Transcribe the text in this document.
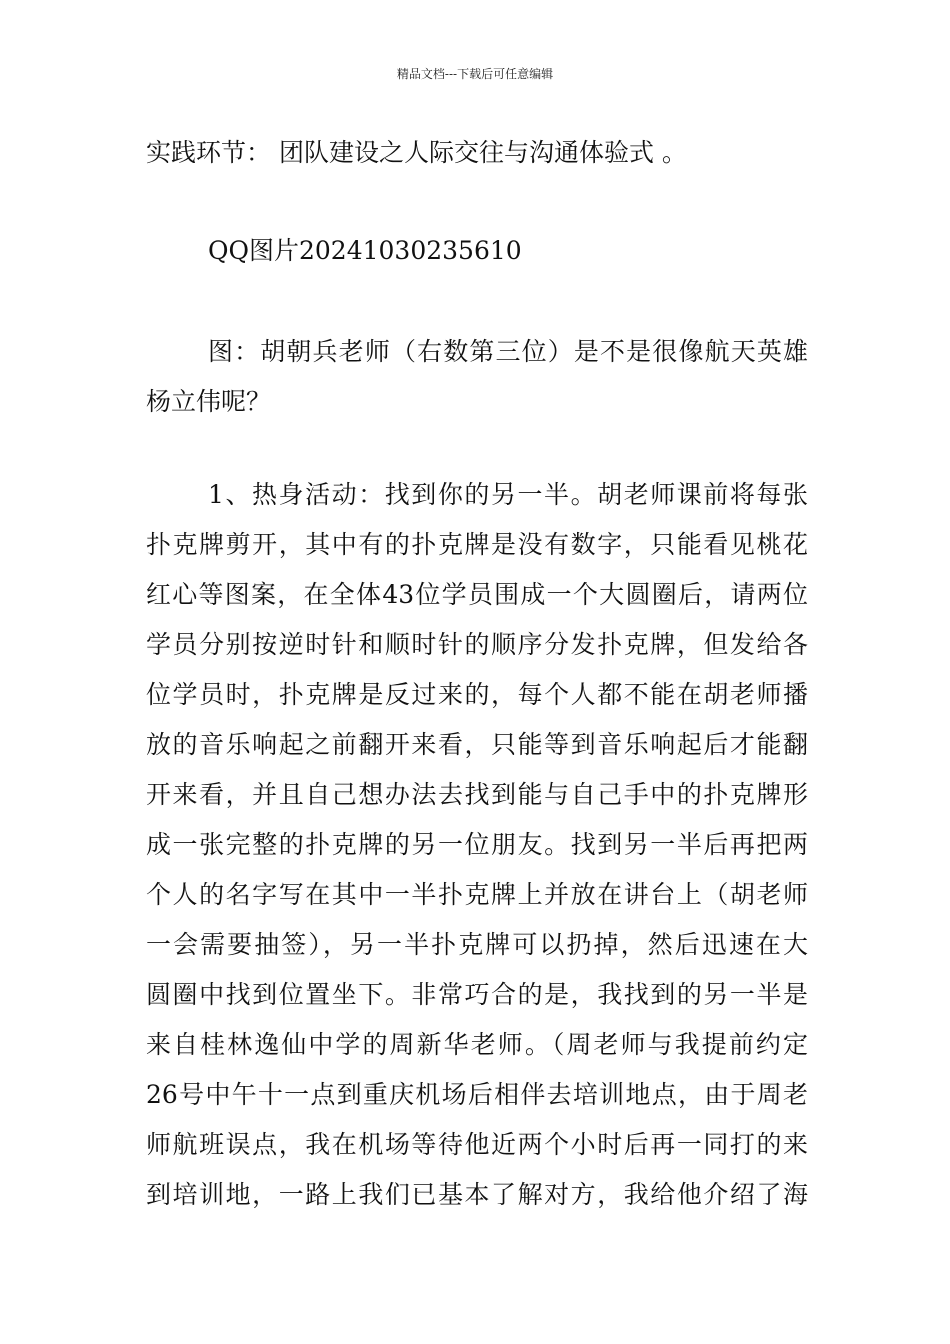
精品文档---下载后可任意编辑
实践环节： 团队建设之人际交往与沟通体验式 。
QQ图片20241030235610
图：胡朝兵老师（右数第三位）是不是很像航天英雄
杨立伟呢？
1、热身活动：找到你的另一半。胡老师课前将每张
扑克牌剪开，其中有的扑克牌是没有数字，只能看见桃花
红心等图案，在全体43位学员围成一个大圆圈后，请两位
学员分别按逆时针和顺时针的顺序分发扑克牌，但发给各
位学员时，扑克牌是反过来的，每个人都不能在胡老师播
放的音乐响起之前翻开来看，只能等到音乐响起后才能翻
开来看，并且自己想办法去找到能与自己手中的扑克牌形
成一张完整的扑克牌的另一位朋友。找到另一半后再把两
个人的名字写在其中一半扑克牌上并放在讲台上（胡老师
一会需要抽签），另一半扑克牌可以扔掉，然后迅速在大
圆圈中找到位置坐下。非常巧合的是，我找到的另一半是
来自桂林逸仙中学的周新华老师。（周老师与我提前约定
26号中午十一点到重庆机场后相伴去培训地点，由于周老
师航班误点，我在机场等待他近两个小时后再一同打的来
到培训地，一路上我们已基本了解对方，我给他介绍了海
